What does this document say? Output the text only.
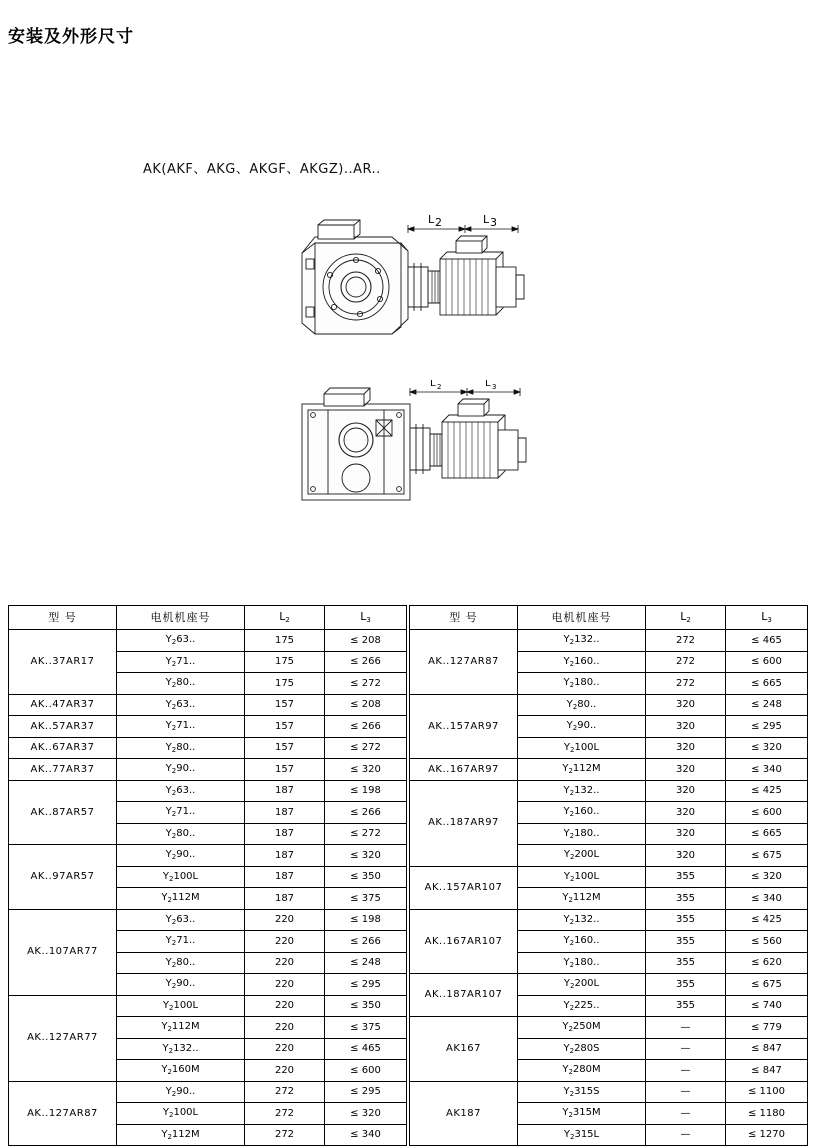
安装及外形尺寸
AK(AKF、AKG、AKGF、AKGZ)..AR..
L 2	L 3
L 2	L 3
型 号	电机机座号	$L_2$	$L_3$
AK..37AR17	$Y_263$..	175	≤ 208
	$Y_271$..	175	≤ 266
	$Y_280$..	175	≤ 272
AK..47AR37	$Y_263$..	157	≤ 208
AK..57AR37	$Y_271$..	157	≤ 266
AK..67AR37	$Y_280$..	157	≤ 272
AK..77AR37	$Y_290$..	157	≤ 320
AK..87AR57	$Y_263$..	187	≤ 198
	$Y_271$..	187	≤ 266
	$Y_280$..	187	≤ 272
AK..97AR57	$Y_290$..	187	≤ 320
	$Y_2100L$	187	≤ 350
	$Y_2112M$	187	≤ 375
AK..107AR77	$Y_263$..	220	≤ 198
	$Y_271$..	220	≤ 266
	$Y_280$..	220	≤ 248
	$Y_290$..	220	≤ 295
AK..127AR77	$Y_2100L$	220	≤ 350
	$Y_2112M$	220	≤ 375
	$Y_2132$..	220	≤ 465
	$Y_2160M$	220	≤ 600
AK..127AR87	$Y_290$..	272	≤ 295
	$Y_2100L$	272	≤ 320
	$Y_2112M$	272	≤ 340
型 号	电机机座号	$L_2$	$L_3$
AK..127AR87	$Y_2132$..	272	≤ 465
	$Y_2160$..	272	≤ 600
	$Y_2180$..	272	≤ 665
AK..157AR97	$Y_280$..	320	≤ 248
	$Y_290$..	320	≤ 295
	$Y_2100L$	320	≤ 320
AK..167AR97	$Y_2112M$	320	≤ 340
AK..187AR97	$Y_2132$..	320	≤ 425
	$Y_2160$..	320	≤ 600
	$Y_2180$..	320	≤ 665
	$Y_2200L$	320	≤ 675
AK..157AR107	$Y_2100L$	355	≤ 320
	$Y_2112M$	355	≤ 340
AK..167AR107	$Y_2132$..	355	≤ 425
	$Y_2160$..	355	≤ 560
	$Y_2180$..	355	≤ 620
AK..187AR107	$Y_2200L$	355	≤ 675
	$Y_2225$..	355	≤ 740
AK167	$Y_2250M$	—	≤ 779
	$Y_2280S$	—	≤ 847
	$Y_2280M$	—	≤ 847
AK187	$Y_2315S$	—	≤ 1100
	$Y_2315M$	—	≤ 1180
	$Y_2315L$	—	≤ 1270
